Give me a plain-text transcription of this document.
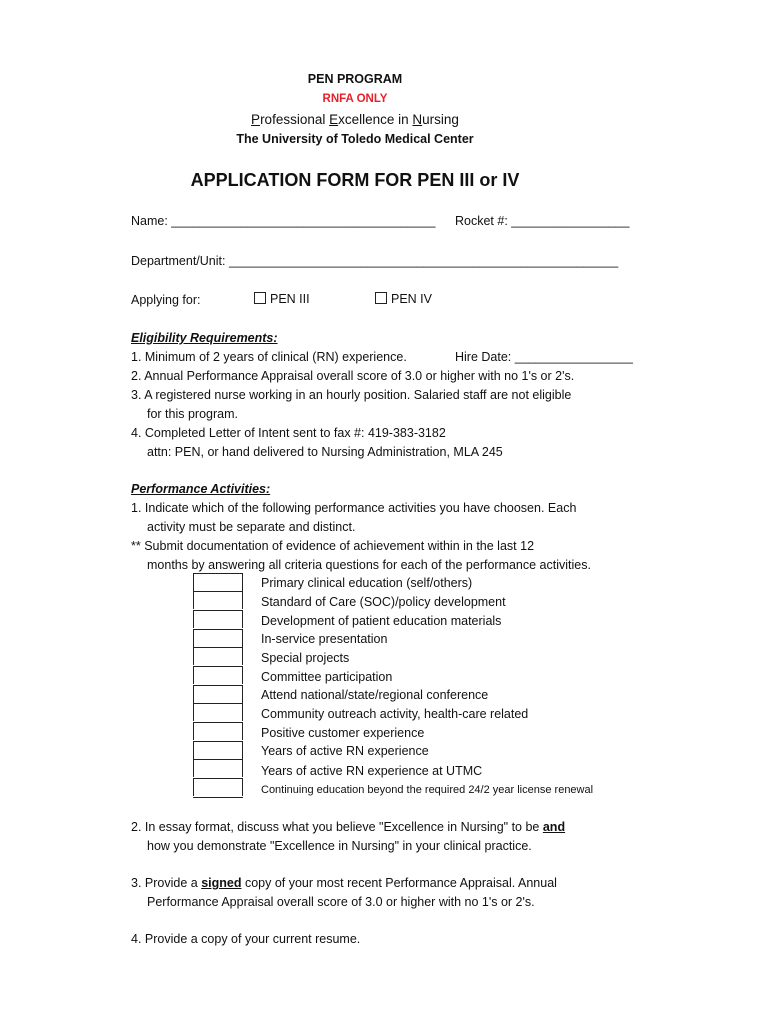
PEN PROGRAM
RNFA ONLY
Professional Excellence in Nursing
The University of Toledo Medical Center
APPLICATION FORM FOR PEN III or IV
Name: ______________________________________ Rocket #: _________________
Department/Unit: ________________________________________________________
Applying for:	PEN III	PEN IV
Eligibility Requirements:
1. Minimum of 2 years of clinical (RN) experience.	Hire Date: _________________
2. Annual Performance Appraisal overall score of 3.0 or higher with no 1's or 2's.
3. A registered nurse working in an hourly position. Salaried staff are not eligible
for this program.
4. Completed Letter of Intent sent to fax #: 419-383-3182
attn: PEN, or hand delivered to Nursing Administration, MLA 245
Performance Activities:
1. Indicate which of the following performance activities you have choosen. Each
activity must be separate and distinct.
** Submit documentation of evidence of achievement within in the last 12
months by answering all criteria questions for each of the performance activities.
Primary clinical education (self/others)
Standard of Care (SOC)/policy development
Development of patient education materials
In-service presentation
Special projects
Committee participation
Attend national/state/regional conference
Community outreach activity, health-care related
Positive customer experience
Years of active RN experience
Years of active RN experience at UTMC
Continuing education beyond the required 24/2 year license renewal
2. In essay format, discuss what you believe "Excellence in Nursing" to be and
how you demonstrate "Excellence in Nursing" in your clinical practice.
3. Provide a signed copy of your most recent Performance Appraisal. Annual
Performance Appraisal overall score of 3.0 or higher with no 1's or 2's.
4. Provide a copy of your current resume.
